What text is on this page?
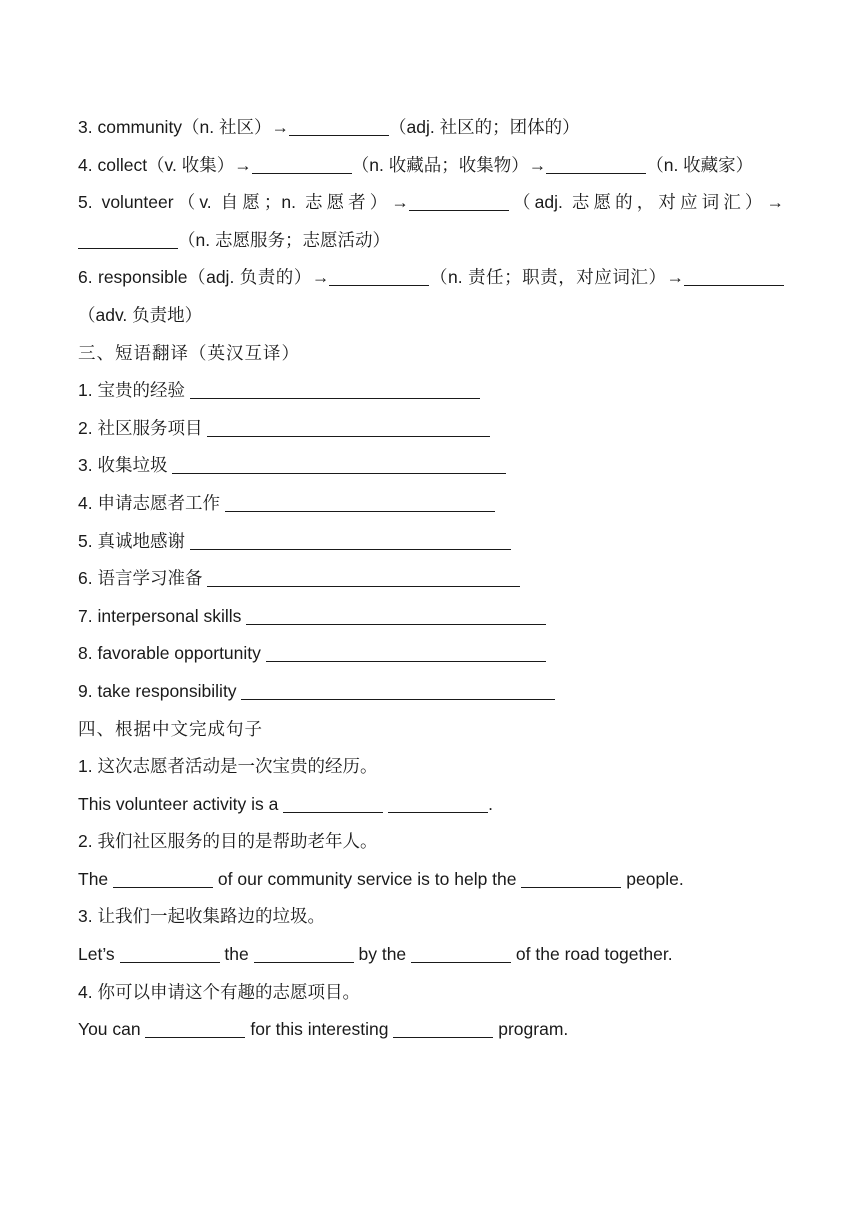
3. community（n. 社区）→	（adj. 社区的；团体的）
4. collect（v. 收集）→	（n. 收藏品；收集物）→	（n. 收藏家）
5. volunteer（v. 自愿；n. 志愿者）→	（adj. 志愿的，对应词汇）→（n. 志愿服务；志愿活动）
6. responsible（adj. 负责的）→	（n. 责任；职责，对应词汇）→（adv. 负责地）
三、短语翻译（英汉互译）
1. 宝贵的经验
2. 社区服务项目
3. 收集垃圾
4. 申请志愿者工作
5. 真诚地感谢
6. 语言学习准备
7. interpersonal skills
8. favorable opportunity
9. take responsibility
四、根据中文完成句子
1. 这次志愿者活动是一次宝贵的经历。
This volunteer activity is a	.
2. 我们社区服务的目的是帮助老年人。
The	of our community service is to help the	people.
3. 让我们一起收集路边的垃圾。
Let’s	the	by the	of the road together.
4. 你可以申请这个有趣的志愿项目。
You can	for this interesting	program.
